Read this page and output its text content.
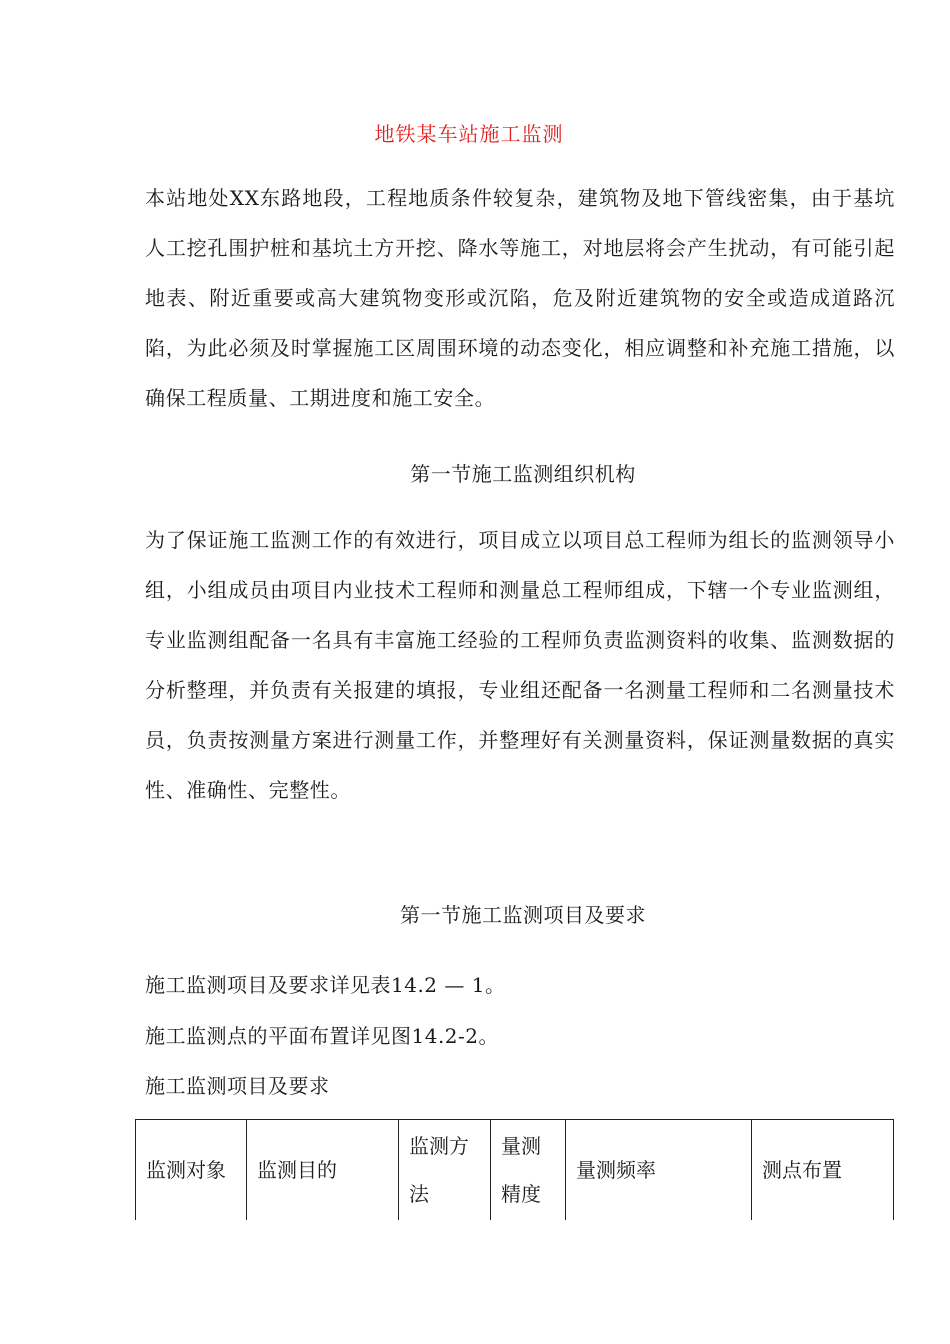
地铁某车站施工监测
本站地处XX东路地段，工程地质条件较复杂，建筑物及地下管线密集，由于基坑人工挖孔围护桩和基坑土方开挖、降水等施工，对地层将会产生扰动，有可能引起地表、附近重要或高大建筑物变形或沉陷，危及附近建筑物的安全或造成道路沉陷，为此必须及时掌握施工区周围环境的动态变化，相应调整和补充施工措施，以确保工程质量、工期进度和施工安全。
第一节施工监测组织机构
为了保证施工监测工作的有效进行，项目成立以项目总工程师为组长的监测领导小组，小组成员由项目内业技术工程师和测量总工程师组成，下辖一个专业监测组，专业监测组配备一名具有丰富施工经验的工程师负责监测资料的收集、监测数据的分析整理，并负责有关报建的填报，专业组还配备一名测量工程师和二名测量技术员，负责按测量方案进行测量工作，并整理好有关测量资料，保证测量数据的真实性、准确性、完整性。
第一节施工监测项目及要求
施工监测项目及要求详见表14.2 — 1。
施工监测点的平面布置详见图14.2-2。
施工监测项目及要求
监测对象	监测目的	监测方法	量测精度	量测频率	测点布置
